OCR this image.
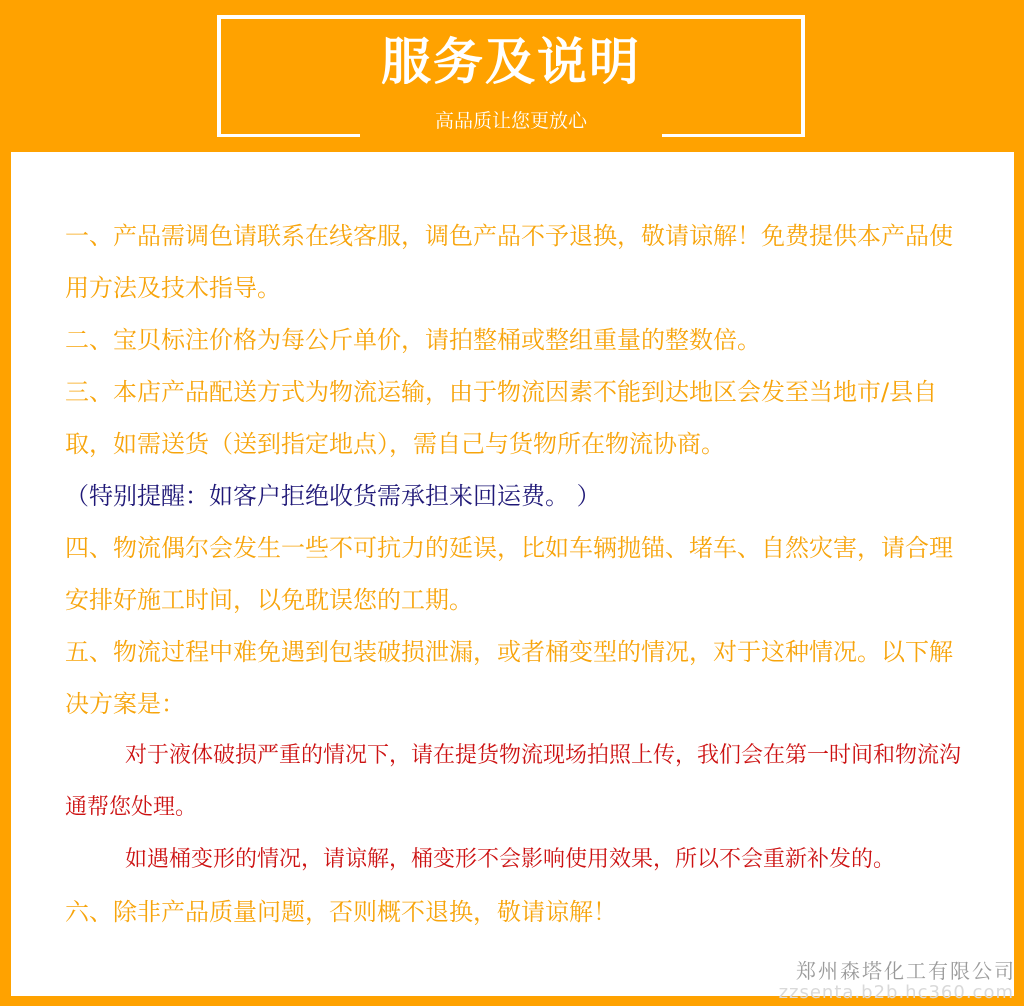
服务及说明
高品质让您更放心

一、产品需调色请联系在线客服，调色产品不予退换，敬请谅解！免费提供本产品使用方法及技术指导。

二、宝贝标注价格为每公斤单价，请拍整桶或整组重量的整数倍。

三、本店产品配送方式为物流运输，由于物流因素不能到达地区会发至当地市/县自取，如需送货（送到指定地点），需自己与货物所在物流协商。

（特别提醒：如客户拒绝收货需承担来回运费。 ）

四、物流偶尔会发生一些不可抗力的延误，比如车辆抛锚、堵车、自然灾害，请合理安排好施工时间，以免耽误您的工期。

五、物流过程中难免遇到包装破损泄漏，或者桶变型的情况，对于这种情况。以下解决方案是：

对于液体破损严重的情况下，请在提货物流现场拍照上传，我们会在第一时间和物流沟通帮您处理。

如遇桶变形的情况，请谅解，桶变形不会影响使用效果，所以不会重新补发的。

六、除非产品质量问题，否则概不退换，敬请谅解！

郑州森塔化工有限公司
zzsenta.b2b.hc360.com
